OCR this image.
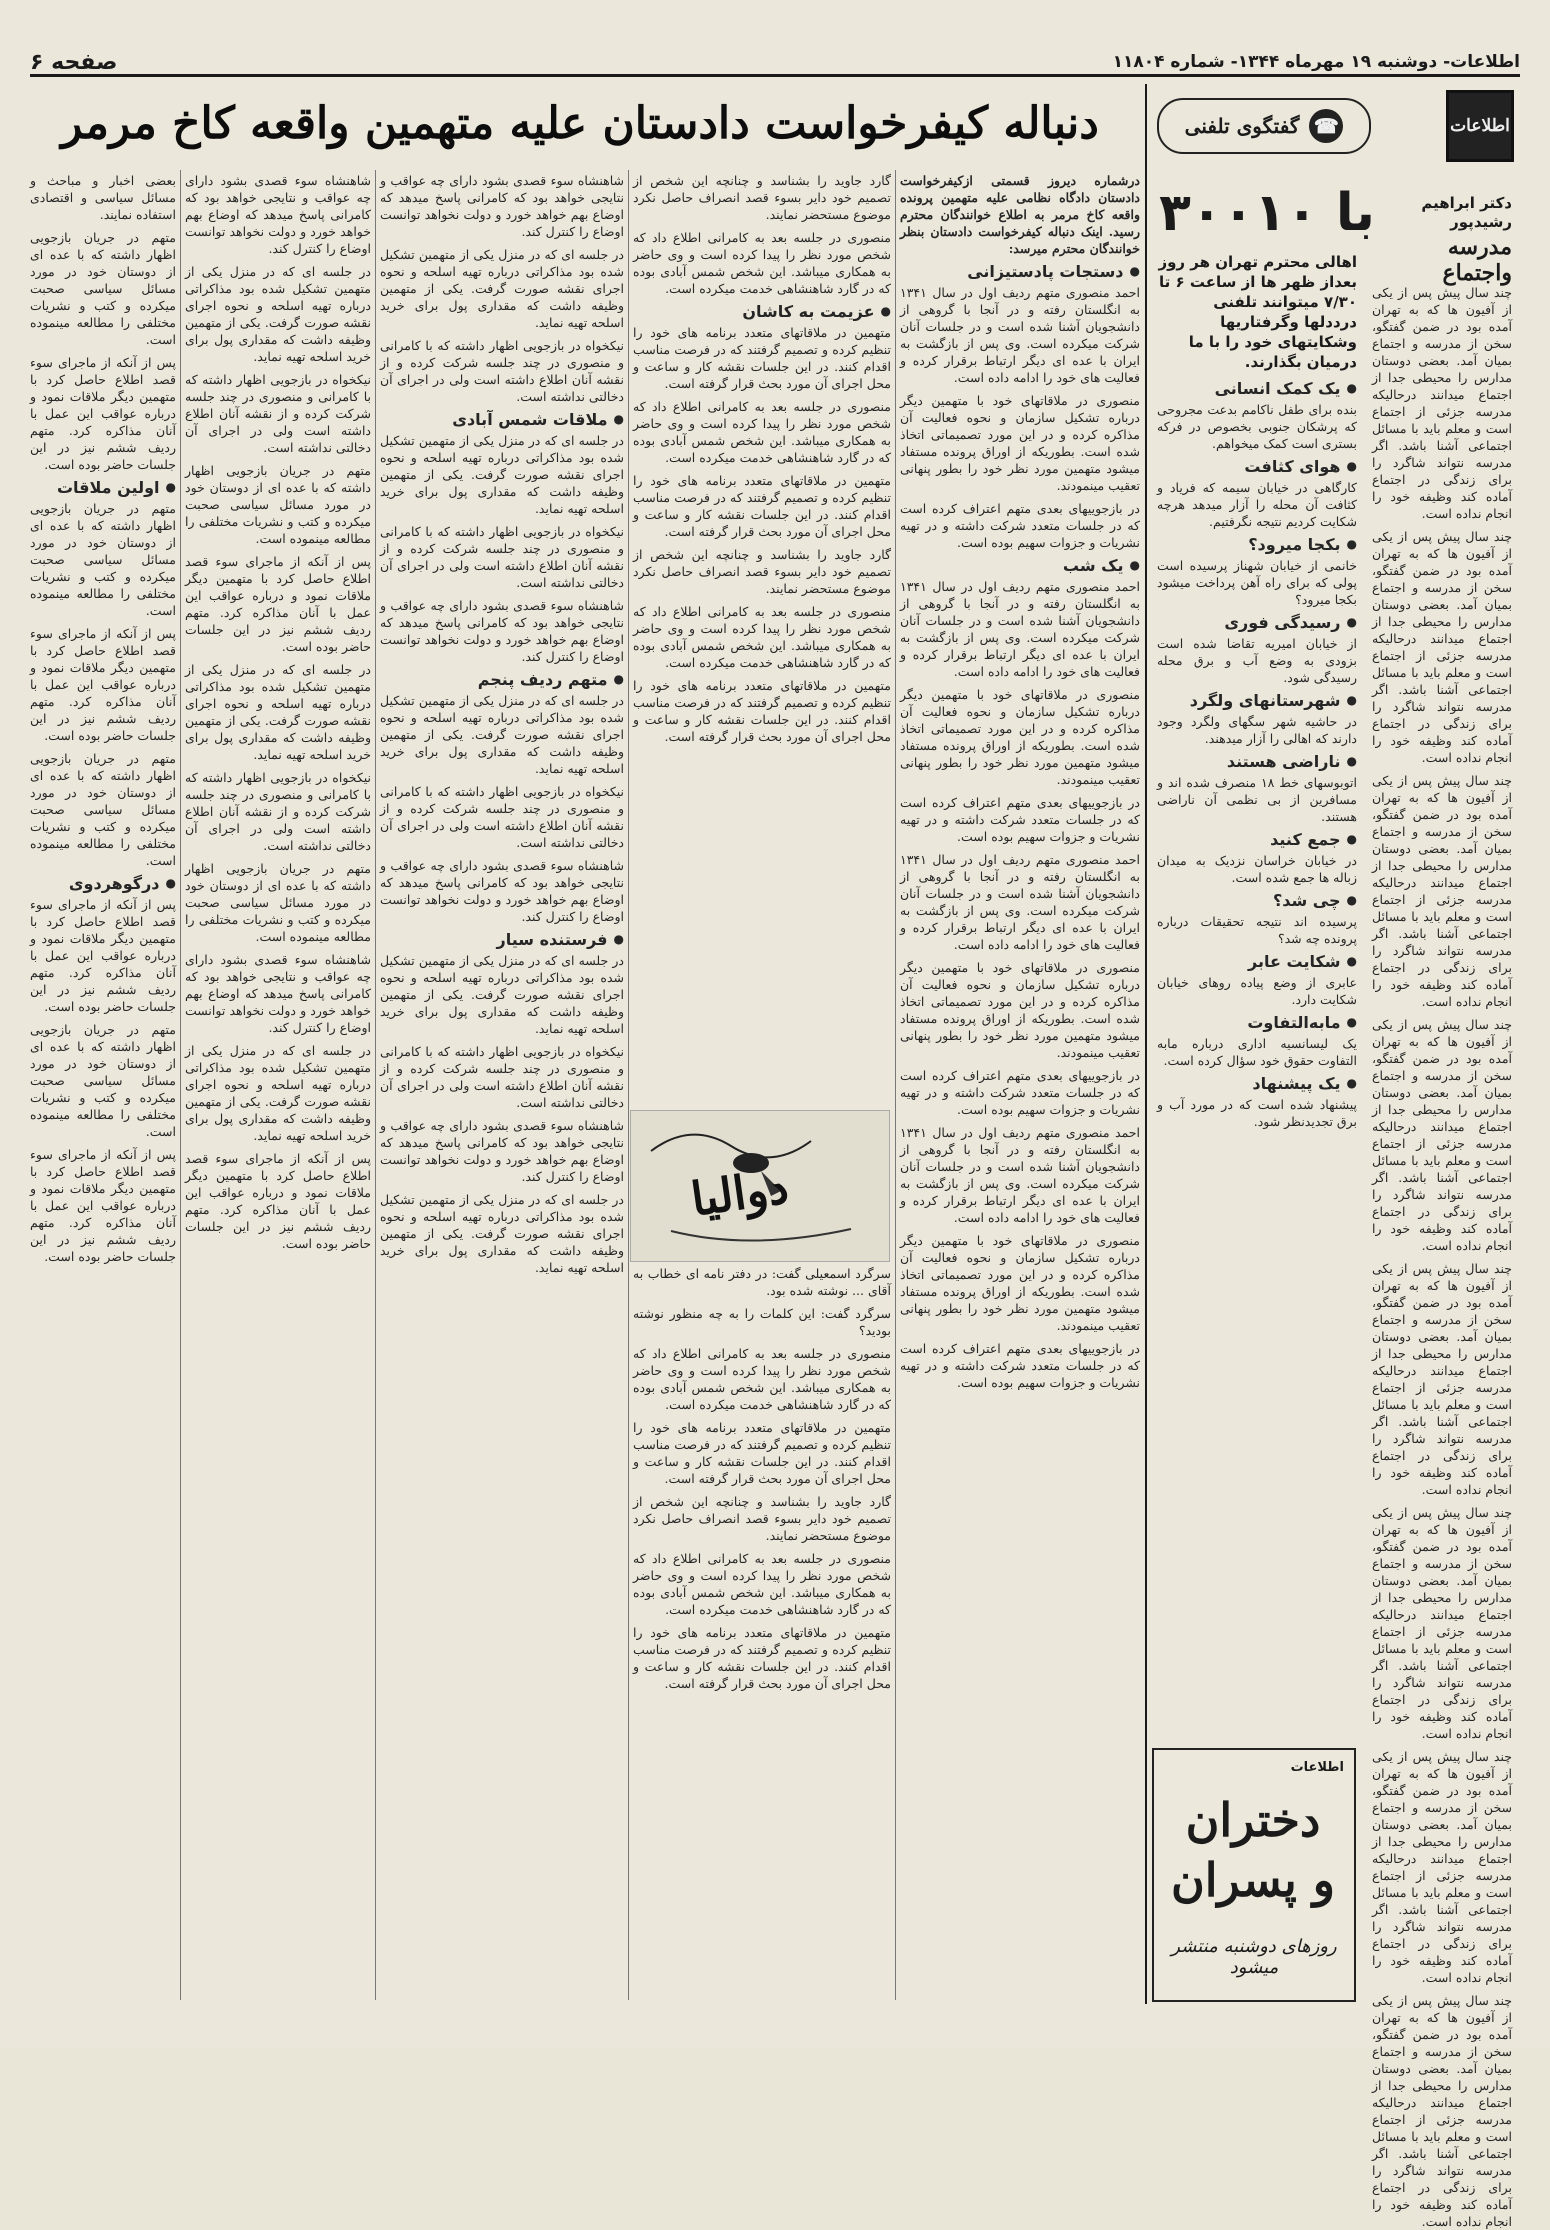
صفحه ۶	اطلاعات- دوشنبه ۱۹ مهرماه ۱۳۴۴- شماره ۱۱۸۰۴
دنباله کیفرخواست دادستان علیه متهمین واقعه کاخ مرمر	اطلاعات
☎
گفتگوی تلفنی
با ۳۰۰۱۰	دکتر ابراهیم رشیدپور
مدرسه واجتماع
اهالی محترم تهران هر روز بعداز ظهر ها از ساعت ۶ تا ۷/۳۰ میتوانند تلفنی درددلها وگرفتاریها وشکایتهای خود را با ما درمیان بگذارند.

چند سال پیش پس از یکی از آفیون ها که به تهران آمده بود در ضمن گفتگو، سخن از مدرسه و اجتماع بمیان آمد. بعضی دوستان مدارس را محیطی جدا از اجتماع میدانند درحالیکه مدرسه جزئی از اجتماع است و معلم باید با مسائل اجتماعی آشنا باشد. اگر مدرسه نتواند شاگرد را برای زندگی در اجتماع آماده کند وظیفه خود را انجام نداده است.

چند سال پیش پس از یکی از آفیون ها که به تهران آمده بود در ضمن گفتگو، سخن از مدرسه و اجتماع بمیان آمد. بعضی دوستان مدارس را محیطی جدا از اجتماع میدانند درحالیکه مدرسه جزئی از اجتماع است و معلم باید با مسائل اجتماعی آشنا باشد. اگر مدرسه نتواند شاگرد را برای زندگی در اجتماع آماده کند وظیفه خود را انجام نداده است.

چند سال پیش پس از یکی از آفیون ها که به تهران آمده بود در ضمن گفتگو، سخن از مدرسه و اجتماع بمیان آمد. بعضی دوستان مدارس را محیطی جدا از اجتماع میدانند درحالیکه مدرسه جزئی از اجتماع است و معلم باید با مسائل اجتماعی آشنا باشد. اگر مدرسه نتواند شاگرد را برای زندگی در اجتماع آماده کند وظیفه خود را انجام نداده است.

چند سال پیش پس از یکی از آفیون ها که به تهران آمده بود در ضمن گفتگو، سخن از مدرسه و اجتماع بمیان آمد. بعضی دوستان مدارس را محیطی جدا از اجتماع میدانند درحالیکه مدرسه جزئی از اجتماع است و معلم باید با مسائل اجتماعی آشنا باشد. اگر مدرسه نتواند شاگرد را برای زندگی در اجتماع آماده کند وظیفه خود را انجام نداده است.

چند سال پیش پس از یکی از آفیون ها که به تهران آمده بود در ضمن گفتگو، سخن از مدرسه و اجتماع بمیان آمد. بعضی دوستان مدارس را محیطی جدا از اجتماع میدانند درحالیکه مدرسه جزئی از اجتماع است و معلم باید با مسائل اجتماعی آشنا باشد. اگر مدرسه نتواند شاگرد را برای زندگی در اجتماع آماده کند وظیفه خود را انجام نداده است.

چند سال پیش پس از یکی از آفیون ها که به تهران آمده بود در ضمن گفتگو، سخن از مدرسه و اجتماع بمیان آمد. بعضی دوستان مدارس را محیطی جدا از اجتماع میدانند درحالیکه مدرسه جزئی از اجتماع است و معلم باید با مسائل اجتماعی آشنا باشد. اگر مدرسه نتواند شاگرد را برای زندگی در اجتماع آماده کند وظیفه خود را انجام نداده است.

چند سال پیش پس از یکی از آفیون ها که به تهران آمده بود در ضمن گفتگو، سخن از مدرسه و اجتماع بمیان آمد. بعضی دوستان مدارس را محیطی جدا از اجتماع میدانند درحالیکه مدرسه جزئی از اجتماع است و معلم باید با مسائل اجتماعی آشنا باشد. اگر مدرسه نتواند شاگرد را برای زندگی در اجتماع آماده کند وظیفه خود را انجام نداده است.

چند سال پیش پس از یکی از آفیون ها که به تهران آمده بود در ضمن گفتگو، سخن از مدرسه و اجتماع بمیان آمد. بعضی دوستان مدارس را محیطی جدا از اجتماع میدانند درحالیکه مدرسه جزئی از اجتماع است و معلم باید با مسائل اجتماعی آشنا باشد. اگر مدرسه نتواند شاگرد را برای زندگی در اجتماع آماده کند وظیفه خود را انجام نداده است.

●
یک کمک انسانی

بنده برای طفل ناکامم بدعت مجروحی که پرشکان جنوبی بخصوص در فرکه بستری است کمک میخواهم.

●
هوای کثافت

کارگاهی در خیابان سیمه که فریاد و کثافت آن محله را آزار میدهد هرچه شکایت کردیم نتیجه نگرفتیم.

●
بکجا میرود؟

خانمی از خیابان شهناز پرسیده است پولی که برای راه آهن پرداخت میشود بکجا میرود؟

●
رسیدگی فوری

از خیابان امیریه تقاضا شده است بزودی به وضع آب و برق محله رسیدگی شود.

●
شهرستانهای ولگرد

در حاشیه شهر سگهای ولگرد وجود دارند که اهالی را آزار میدهند.

●
ناراضی هستند

اتوبوسهای خط ۱۸ منصرف شده اند و مسافرین از بی نظمی آن ناراضی هستند.

●
جمع کنید

در خیابان خراسان نزدیک به میدان زباله ها جمع شده است.

●
چی شد؟

پرسیده اند نتیجه تحقیقات درباره پرونده چه شد؟

●
شکایت عابر

عابری از وضع پیاده روهای خیابان شکایت دارد.

●
مابه‌التفاوت

یک لیسانسیه اداری درباره مابه التفاوت حقوق خود سؤال کرده است.

●
یک پیشنهاد

پیشنهاد شده است که در مورد آب و برق تجدیدنظر شود.

درشماره دیروز قسمتی ازکیفرخواست دادستان دادگاه نظامی علیه متهمین پرونده واقعه کاخ مرمر به اطلاع خوانندگان محترم رسید. اینک دنباله کیفرخواست دادستان بنظر خوانندگان محترم میرسد:

●
دستجات پادستیزانی

احمد منصوری متهم ردیف اول در سال ۱۳۴۱ به انگلستان رفته و در آنجا با گروهی از دانشجویان آشنا شده است و در جلسات آنان شرکت میکرده است. وی پس از بازگشت به ایران با عده ای دیگر ارتباط برقرار کرده و فعالیت های خود را ادامه داده است.

منصوری در ملاقاتهای خود با متهمین دیگر درباره تشکیل سازمان و نحوه فعالیت آن مذاکره کرده و در این مورد تصمیماتی اتخاذ شده است. بطوریکه از اوراق پرونده مستفاد میشود متهمین مورد نظر خود را بطور پنهانی تعقیب مینمودند.

در بازجوییهای بعدی متهم اعتراف کرده است که در جلسات متعدد شرکت داشته و در تهیه نشریات و جزوات سهیم بوده است.

●
یک شب

احمد منصوری متهم ردیف اول در سال ۱۳۴۱ به انگلستان رفته و در آنجا با گروهی از دانشجویان آشنا شده است و در جلسات آنان شرکت میکرده است. وی پس از بازگشت به ایران با عده ای دیگر ارتباط برقرار کرده و فعالیت های خود را ادامه داده است.

منصوری در ملاقاتهای خود با متهمین دیگر درباره تشکیل سازمان و نحوه فعالیت آن مذاکره کرده و در این مورد تصمیماتی اتخاذ شده است. بطوریکه از اوراق پرونده مستفاد میشود متهمین مورد نظر خود را بطور پنهانی تعقیب مینمودند.

در بازجوییهای بعدی متهم اعتراف کرده است که در جلسات متعدد شرکت داشته و در تهیه نشریات و جزوات سهیم بوده است.

احمد منصوری متهم ردیف اول در سال ۱۳۴۱ به انگلستان رفته و در آنجا با گروهی از دانشجویان آشنا شده است و در جلسات آنان شرکت میکرده است. وی پس از بازگشت به ایران با عده ای دیگر ارتباط برقرار کرده و فعالیت های خود را ادامه داده است.

منصوری در ملاقاتهای خود با متهمین دیگر درباره تشکیل سازمان و نحوه فعالیت آن مذاکره کرده و در این مورد تصمیماتی اتخاذ شده است. بطوریکه از اوراق پرونده مستفاد میشود متهمین مورد نظر خود را بطور پنهانی تعقیب مینمودند.

در بازجوییهای بعدی متهم اعتراف کرده است که در جلسات متعدد شرکت داشته و در تهیه نشریات و جزوات سهیم بوده است.

احمد منصوری متهم ردیف اول در سال ۱۳۴۱ به انگلستان رفته و در آنجا با گروهی از دانشجویان آشنا شده است و در جلسات آنان شرکت میکرده است. وی پس از بازگشت به ایران با عده ای دیگر ارتباط برقرار کرده و فعالیت های خود را ادامه داده است.

منصوری در ملاقاتهای خود با متهمین دیگر درباره تشکیل سازمان و نحوه فعالیت آن مذاکره کرده و در این مورد تصمیماتی اتخاذ شده است. بطوریکه از اوراق پرونده مستفاد میشود متهمین مورد نظر خود را بطور پنهانی تعقیب مینمودند.

در بازجوییهای بعدی متهم اعتراف کرده است که در جلسات متعدد شرکت داشته و در تهیه نشریات و جزوات سهیم بوده است.

گارد جاوید را بشناسد و چنانچه این شخص از تصمیم خود دایر بسوء قصد انصراف حاصل نکرد موضوع مستحضر نمایند.

منصوری در جلسه بعد به کامرانی اطلاع داد که شخص مورد نظر را پیدا کرده است و وی حاضر به همکاری میباشد. این شخص شمس آبادی بوده که در گارد شاهنشاهی خدمت میکرده است.

●
عزیمت به کاشان

متهمین در ملاقاتهای متعدد برنامه های خود را تنظیم کرده و تصمیم گرفتند که در فرصت مناسب اقدام کنند. در این جلسات نقشه کار و ساعت و محل اجرای آن مورد بحث قرار گرفته است.

منصوری در جلسه بعد به کامرانی اطلاع داد که شخص مورد نظر را پیدا کرده است و وی حاضر به همکاری میباشد. این شخص شمس آبادی بوده که در گارد شاهنشاهی خدمت میکرده است.

متهمین در ملاقاتهای متعدد برنامه های خود را تنظیم کرده و تصمیم گرفتند که در فرصت مناسب اقدام کنند. در این جلسات نقشه کار و ساعت و محل اجرای آن مورد بحث قرار گرفته است.

گارد جاوید را بشناسد و چنانچه این شخص از تصمیم خود دایر بسوء قصد انصراف حاصل نکرد موضوع مستحضر نمایند.

منصوری در جلسه بعد به کامرانی اطلاع داد که شخص مورد نظر را پیدا کرده است و وی حاضر به همکاری میباشد. این شخص شمس آبادی بوده که در گارد شاهنشاهی خدمت میکرده است.

متهمین در ملاقاتهای متعدد برنامه های خود را تنظیم کرده و تصمیم گرفتند که در فرصت مناسب اقدام کنند. در این جلسات نقشه کار و ساعت و محل اجرای آن مورد بحث قرار گرفته است.

دوالیا

سرگرد اسمعیلی گفت: در دفتر نامه ای خطاب به آقای ... نوشته شده بود.

سرگرد گفت: این کلمات را به چه منظور نوشته بودید؟

منصوری در جلسه بعد به کامرانی اطلاع داد که شخص مورد نظر را پیدا کرده است و وی حاضر به همکاری میباشد. این شخص شمس آبادی بوده که در گارد شاهنشاهی خدمت میکرده است.

متهمین در ملاقاتهای متعدد برنامه های خود را تنظیم کرده و تصمیم گرفتند که در فرصت مناسب اقدام کنند. در این جلسات نقشه کار و ساعت و محل اجرای آن مورد بحث قرار گرفته است.

گارد جاوید را بشناسد و چنانچه این شخص از تصمیم خود دایر بسوء قصد انصراف حاصل نکرد موضوع مستحضر نمایند.

منصوری در جلسه بعد به کامرانی اطلاع داد که شخص مورد نظر را پیدا کرده است و وی حاضر به همکاری میباشد. این شخص شمس آبادی بوده که در گارد شاهنشاهی خدمت میکرده است.

متهمین در ملاقاتهای متعدد برنامه های خود را تنظیم کرده و تصمیم گرفتند که در فرصت مناسب اقدام کنند. در این جلسات نقشه کار و ساعت و محل اجرای آن مورد بحث قرار گرفته است.

شاهنشاه سوء قصدی بشود دارای چه عواقب و نتایجی خواهد بود که کامرانی پاسخ میدهد که اوضاع بهم خواهد خورد و دولت نخواهد توانست اوضاع را کنترل کند.

در جلسه ای که در منزل یکی از متهمین تشکیل شده بود مذاکراتی درباره تهیه اسلحه و نحوه اجرای نقشه صورت گرفت. یکی از متهمین وظیفه داشت که مقداری پول برای خرید اسلحه تهیه نماید.

نیکخواه در بازجویی اظهار داشته که با کامرانی و منصوری در چند جلسه شرکت کرده و از نقشه آنان اطلاع داشته است ولی در اجرای آن دخالتی نداشته است.

●
ملاقات شمس آبادی

در جلسه ای که در منزل یکی از متهمین تشکیل شده بود مذاکراتی درباره تهیه اسلحه و نحوه اجرای نقشه صورت گرفت. یکی از متهمین وظیفه داشت که مقداری پول برای خرید اسلحه تهیه نماید.

نیکخواه در بازجویی اظهار داشته که با کامرانی و منصوری در چند جلسه شرکت کرده و از نقشه آنان اطلاع داشته است ولی در اجرای آن دخالتی نداشته است.

شاهنشاه سوء قصدی بشود دارای چه عواقب و نتایجی خواهد بود که کامرانی پاسخ میدهد که اوضاع بهم خواهد خورد و دولت نخواهد توانست اوضاع را کنترل کند.

●
متهم ردیف پنجم

در جلسه ای که در منزل یکی از متهمین تشکیل شده بود مذاکراتی درباره تهیه اسلحه و نحوه اجرای نقشه صورت گرفت. یکی از متهمین وظیفه داشت که مقداری پول برای خرید اسلحه تهیه نماید.

نیکخواه در بازجویی اظهار داشته که با کامرانی و منصوری در چند جلسه شرکت کرده و از نقشه آنان اطلاع داشته است ولی در اجرای آن دخالتی نداشته است.

شاهنشاه سوء قصدی بشود دارای چه عواقب و نتایجی خواهد بود که کامرانی پاسخ میدهد که اوضاع بهم خواهد خورد و دولت نخواهد توانست اوضاع را کنترل کند.

●
فرستنده سیار

در جلسه ای که در منزل یکی از متهمین تشکیل شده بود مذاکراتی درباره تهیه اسلحه و نحوه اجرای نقشه صورت گرفت. یکی از متهمین وظیفه داشت که مقداری پول برای خرید اسلحه تهیه نماید.

نیکخواه در بازجویی اظهار داشته که با کامرانی و منصوری در چند جلسه شرکت کرده و از نقشه آنان اطلاع داشته است ولی در اجرای آن دخالتی نداشته است.

شاهنشاه سوء قصدی بشود دارای چه عواقب و نتایجی خواهد بود که کامرانی پاسخ میدهد که اوضاع بهم خواهد خورد و دولت نخواهد توانست اوضاع را کنترل کند.

در جلسه ای که در منزل یکی از متهمین تشکیل شده بود مذاکراتی درباره تهیه اسلحه و نحوه اجرای نقشه صورت گرفت. یکی از متهمین وظیفه داشت که مقداری پول برای خرید اسلحه تهیه نماید.

بعضی اخبار و مباحث و مسائل سیاسی و اقتصادی استفاده نمایند.

متهم در جریان بازجویی اظهار داشته که با عده ای از دوستان خود در مورد مسائل سیاسی صحبت میکرده و کتب و نشریات مختلفی را مطالعه مینموده است.

پس از آنکه از ماجرای سوء قصد اطلاع حاصل کرد با متهمین دیگر ملاقات نمود و درباره عواقب این عمل با آنان مذاکره کرد. متهم ردیف ششم نیز در این جلسات حاضر بوده است.

●
اولین ملاقات

متهم در جریان بازجویی اظهار داشته که با عده ای از دوستان خود در مورد مسائل سیاسی صحبت میکرده و کتب و نشریات مختلفی را مطالعه مینموده است.

پس از آنکه از ماجرای سوء قصد اطلاع حاصل کرد با متهمین دیگر ملاقات نمود و درباره عواقب این عمل با آنان مذاکره کرد. متهم ردیف ششم نیز در این جلسات حاضر بوده است.

متهم در جریان بازجویی اظهار داشته که با عده ای از دوستان خود در مورد مسائل سیاسی صحبت میکرده و کتب و نشریات مختلفی را مطالعه مینموده است.

●
درگوهردوی

پس از آنکه از ماجرای سوء قصد اطلاع حاصل کرد با متهمین دیگر ملاقات نمود و درباره عواقب این عمل با آنان مذاکره کرد. متهم ردیف ششم نیز در این جلسات حاضر بوده است.

متهم در جریان بازجویی اظهار داشته که با عده ای از دوستان خود در مورد مسائل سیاسی صحبت میکرده و کتب و نشریات مختلفی را مطالعه مینموده است.

پس از آنکه از ماجرای سوء قصد اطلاع حاصل کرد با متهمین دیگر ملاقات نمود و درباره عواقب این عمل با آنان مذاکره کرد. متهم ردیف ششم نیز در این جلسات حاضر بوده است.

شاهنشاه سوء قصدی بشود دارای چه عواقب و نتایجی خواهد بود که کامرانی پاسخ میدهد که اوضاع بهم خواهد خورد و دولت نخواهد توانست اوضاع را کنترل کند.

در جلسه ای که در منزل یکی از متهمین تشکیل شده بود مذاکراتی درباره تهیه اسلحه و نحوه اجرای نقشه صورت گرفت. یکی از متهمین وظیفه داشت که مقداری پول برای خرید اسلحه تهیه نماید.

نیکخواه در بازجویی اظهار داشته که با کامرانی و منصوری در چند جلسه شرکت کرده و از نقشه آنان اطلاع داشته است ولی در اجرای آن دخالتی نداشته است.

متهم در جریان بازجویی اظهار داشته که با عده ای از دوستان خود در مورد مسائل سیاسی صحبت میکرده و کتب و نشریات مختلفی را مطالعه مینموده است.

پس از آنکه از ماجرای سوء قصد اطلاع حاصل کرد با متهمین دیگر ملاقات نمود و درباره عواقب این عمل با آنان مذاکره کرد. متهم ردیف ششم نیز در این جلسات حاضر بوده است.

در جلسه ای که در منزل یکی از متهمین تشکیل شده بود مذاکراتی درباره تهیه اسلحه و نحوه اجرای نقشه صورت گرفت. یکی از متهمین وظیفه داشت که مقداری پول برای خرید اسلحه تهیه نماید.

نیکخواه در بازجویی اظهار داشته که با کامرانی و منصوری در چند جلسه شرکت کرده و از نقشه آنان اطلاع داشته است ولی در اجرای آن دخالتی نداشته است.

متهم در جریان بازجویی اظهار داشته که با عده ای از دوستان خود در مورد مسائل سیاسی صحبت میکرده و کتب و نشریات مختلفی را مطالعه مینموده است.

شاهنشاه سوء قصدی بشود دارای چه عواقب و نتایجی خواهد بود که کامرانی پاسخ میدهد که اوضاع بهم خواهد خورد و دولت نخواهد توانست اوضاع را کنترل کند.

در جلسه ای که در منزل یکی از متهمین تشکیل شده بود مذاکراتی درباره تهیه اسلحه و نحوه اجرای نقشه صورت گرفت. یکی از متهمین وظیفه داشت که مقداری پول برای خرید اسلحه تهیه نماید.

پس از آنکه از ماجرای سوء قصد اطلاع حاصل کرد با متهمین دیگر ملاقات نمود و درباره عواقب این عمل با آنان مذاکره کرد. متهم ردیف ششم نیز در این جلسات حاضر بوده است.

اطلاعات
دختران و پسران
روزهای دوشنبه منتشر میشود
